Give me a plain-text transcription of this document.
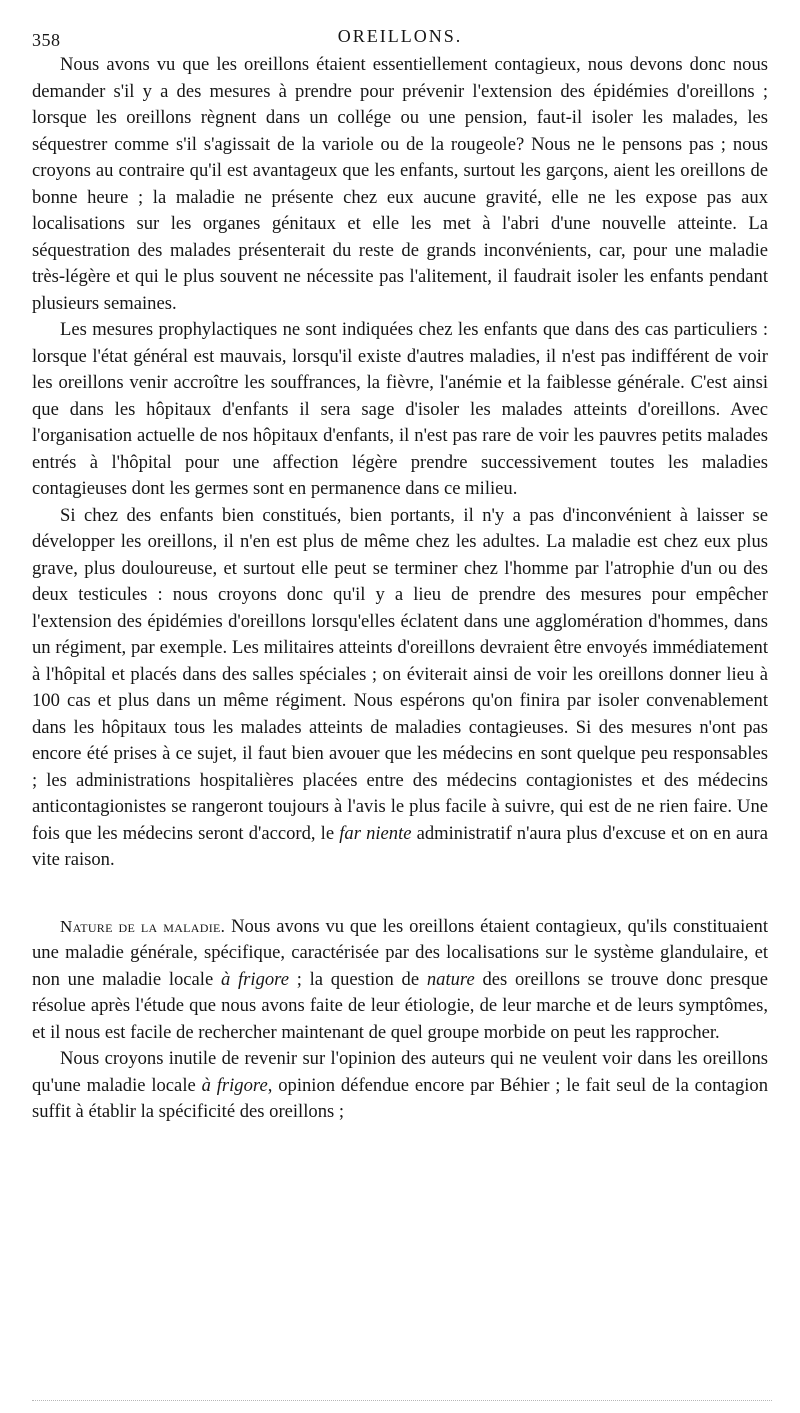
358	OREILLONS.

Nous avons vu que les oreillons étaient essentiellement contagieux, nous devons donc nous demander s'il y a des mesures à prendre pour prévenir l'extension des épidémies d'oreillons ; lorsque les oreillons règnent dans un collége ou une pension, faut-il isoler les malades, les séquestrer comme s'il s'agissait de la variole ou de la rougeole? Nous ne le pensons pas ; nous croyons au contraire qu'il est avantageux que les enfants, surtout les garçons, aient les oreillons de bonne heure ; la maladie ne présente chez eux aucune gravité, elle ne les expose pas aux localisations sur les organes génitaux et elle les met à l'abri d'une nouvelle atteinte. La séquestration des malades présenterait du reste de grands inconvénients, car, pour une maladie très-légère et qui le plus souvent ne nécessite pas l'alitement, il faudrait isoler les enfants pendant plusieurs semaines.

Les mesures prophylactiques ne sont indiquées chez les enfants que dans des cas particuliers : lorsque l'état général est mauvais, lorsqu'il existe d'autres maladies, il n'est pas indifférent de voir les oreillons venir accroître les souffrances, la fièvre, l'anémie et la faiblesse générale. C'est ainsi que dans les hôpitaux d'enfants il sera sage d'isoler les malades atteints d'oreillons. Avec l'organisation actuelle de nos hôpitaux d'enfants, il n'est pas rare de voir les pauvres petits malades entrés à l'hôpital pour une affection légère prendre successivement toutes les maladies contagieuses dont les germes sont en permanence dans ce milieu.

Si chez des enfants bien constitués, bien portants, il n'y a pas d'inconvénient à laisser se développer les oreillons, il n'en est plus de même chez les adultes. La maladie est chez eux plus grave, plus douloureuse, et surtout elle peut se terminer chez l'homme par l'atrophie d'un ou des deux testicules : nous croyons donc qu'il y a lieu de prendre des mesures pour empêcher l'extension des épidémies d'oreillons lorsqu'elles éclatent dans une agglomération d'hommes, dans un régiment, par exemple. Les militaires atteints d'oreillons devraient être envoyés immédiatement à l'hôpital et placés dans des salles spéciales ; on éviterait ainsi de voir les oreillons donner lieu à 100 cas et plus dans un même régiment. Nous espérons qu'on finira par isoler convenablement dans les hôpitaux tous les malades atteints de maladies contagieuses. Si des mesures n'ont pas encore été prises à ce sujet, il faut bien avouer que les médecins en sont quelque peu responsables ; les administrations hospitalières placées entre des médecins contagionistes et des médecins anticontagionistes se rangeront toujours à l'avis le plus facile à suivre, qui est de ne rien faire. Une fois que les médecins seront d'accord, le far niente administratif n'aura plus d'excuse et on en aura vite raison.

Nature de la maladie. Nous avons vu que les oreillons étaient contagieux, qu'ils constituaient une maladie générale, spécifique, caractérisée par des localisations sur le système glandulaire, et non une maladie locale à frigore ; la question de nature des oreillons se trouve donc presque résolue après l'étude que nous avons faite de leur étiologie, de leur marche et de leurs symptômes, et il nous est facile de rechercher maintenant de quel groupe morbide on peut les rapprocher.

Nous croyons inutile de revenir sur l'opinion des auteurs qui ne veulent voir dans les oreillons qu'une maladie locale à frigore, opinion défendue encore par Béhier ; le fait seul de la contagion suffit à établir la spécificité des oreillons ;
